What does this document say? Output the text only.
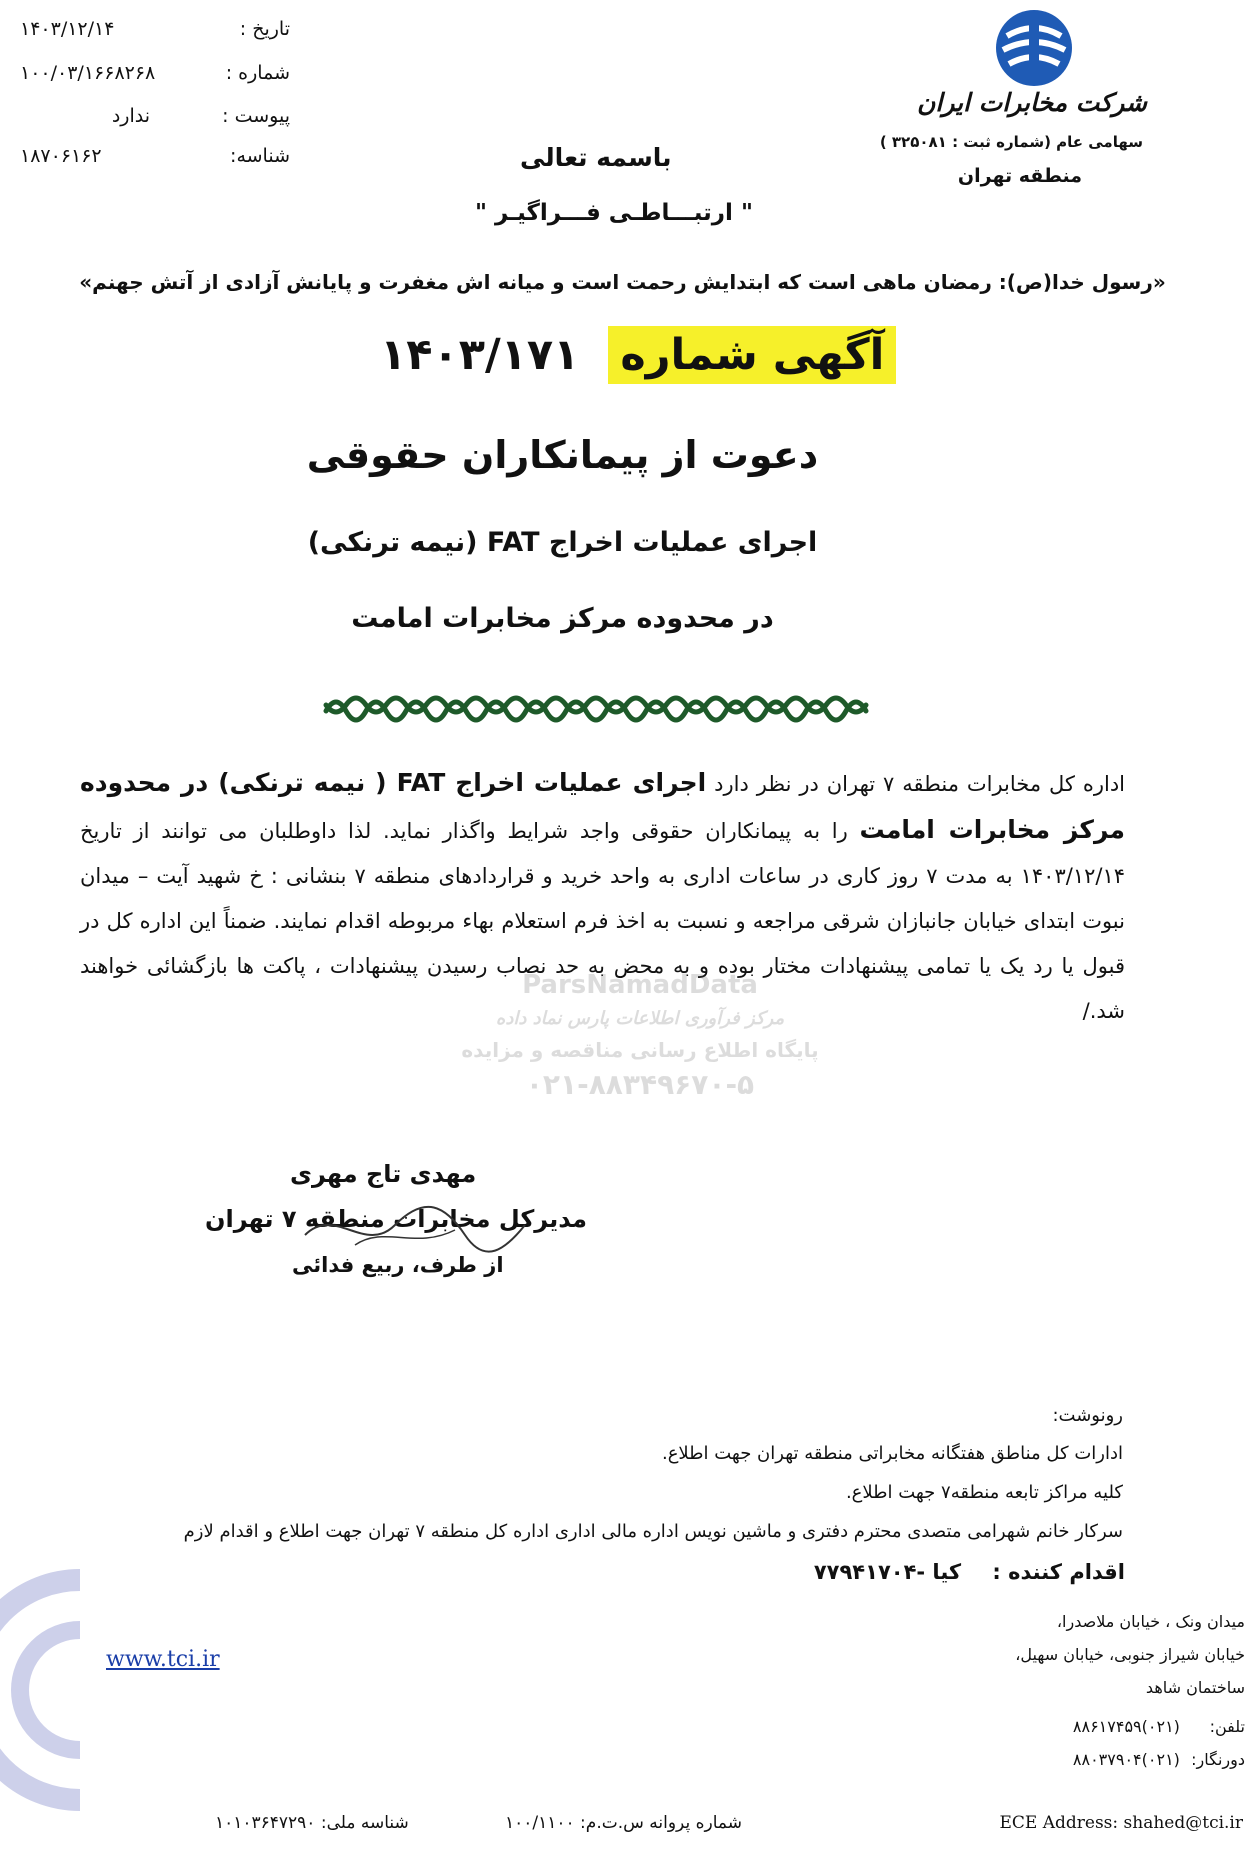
تاریخ :
۱۴۰۳/۱۲/۱۴
شماره :
۱۰۰/۰۳/۱۶۶۸۲۶۸
پیوست :
ندارد
شناسه:
۱۸۷۰۶۱۶۲
شرکت مخابرات ایران
سهامی عام (شماره ثبت : ۳۲۵۰۸۱ )
منطقه تهران
باسمه تعالی
" ارتبـــاطـی فـــراگیـر "
«رسول خدا(ص): رمضان ماهی است که ابتدایش رحمت است و میانه اش مغفرت و پایانش آزادی از آتش جهنم»
آگهی شماره ۱۴۰۳/۱۷۱
دعوت از پیمانکاران حقوقی
اجرای عملیات اخراج FAT (نیمه ترنکی)
در محدوده مرکز مخابرات امامت
اداره کل مخابرات منطقه ۷ تهران در نظر دارد اجرای عملیات اخراج FAT ( نیمه ترنکی) در محدوده مرکز مخابرات امامت را به پیمانکاران حقوقی واجد شرایط واگذار نماید. لذا داوطلبان می توانند از تاریخ ۱۴۰۳/۱۲/۱۴ به مدت ۷ روز کاری در ساعات اداری به واحد خرید و قراردادهای منطقه ۷ بنشانی : خ شهید آیت – میدان نبوت ابتدای خیابان جانبازان شرقی مراجعه و نسبت به اخذ فرم استعلام بهاء مربوطه اقدام نمایند. ضمناً این اداره کل در قبول یا رد یک یا تمامی پیشنهادات مختار بوده و به محض به حد نصاب رسیدن پیشنهادات ، پاکت ها بازگشائی خواهند شد./
ParsNamadData
مرکز فرآوری اطلاعات پارس نماد داده
پایگاه اطلاع رسانی مناقصه و مزایده
۰۲۱-۸۸۳۴۹۶۷۰-۵
مهدی تاج مهری
مدیرکل مخابرات منطقه ۷ تهران
از طرف، ربیع فدائی
رونوشت:
ادارات کل مناطق هفتگانه مخابراتی منطقه تهران جهت اطلاع.
کلیه مراکز تابعه منطقه۷ جهت اطلاع.
سرکار خانم شهرامی متصدی محترم دفتری و ماشین نویس اداره مالی اداری اداره کل منطقه ۷ تهران جهت اطلاع و اقدام لازم
اقدام کننده : کیا -۷۷۹۴۱۷۰۴
میدان ونک ، خیابان ملاصدرا،
خیابان شیراز جنوبی، خیابان سهیل،
ساختمان شاهد
تلفن: (۰۲۱)۸۸۶۱۷۴۵۹
دورنگار: (۰۲۱)۸۸۰۳۷۹۰۴
www.tci.ir
شناسه ملی: ۱۰۱۰۳۶۴۷۲۹۰	شماره پروانه س.ت.م: ۱۰۰/۱۱۰۰	ECE Address: shahed@tci.ir
